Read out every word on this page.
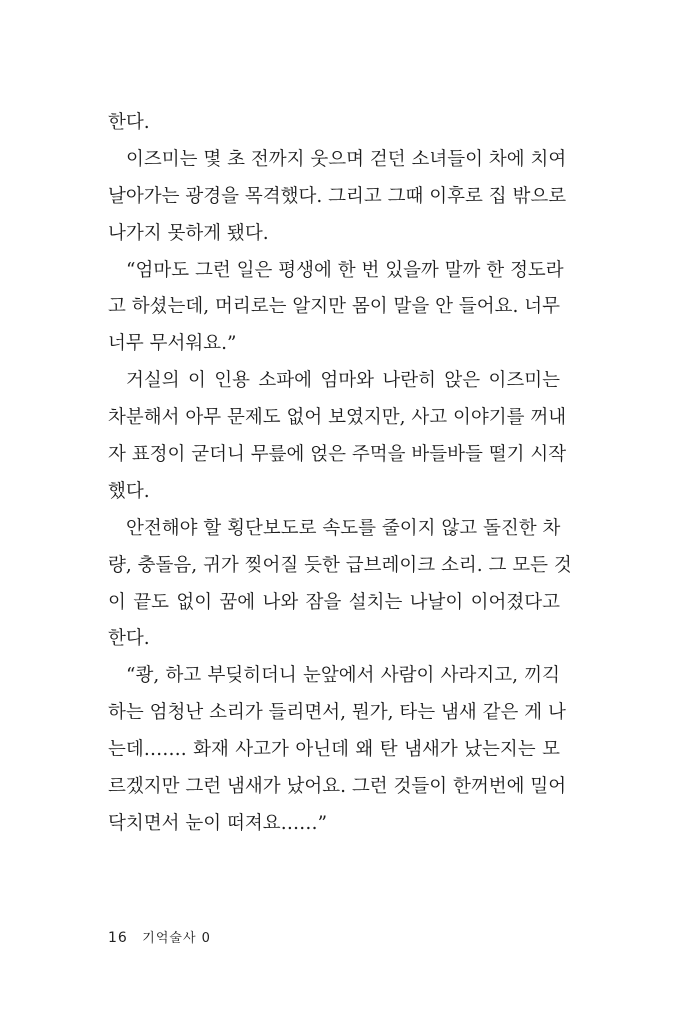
한다.
이즈미는 몇 초 전까지 웃으며 걷던 소녀들이 차에 치여
날아가는 광경을 목격했다. 그리고 그때 이후로 집 밖으로
나가지 못하게 됐다.
“엄마도 그런 일은 평생에 한 번 있을까 말까 한 정도라
고 하셨는데, 머리로는 알지만 몸이 말을 안 들어요. 너무
너무 무서워요.”
거실의 이 인용 소파에 엄마와 나란히 앉은 이즈미는
차분해서 아무 문제도 없어 보였지만, 사고 이야기를 꺼내
자 표정이 굳더니 무릎에 얹은 주먹을 바들바들 떨기 시작
했다.
안전해야 할 횡단보도로 속도를 줄이지 않고 돌진한 차
량, 충돌음, 귀가 찢어질 듯한 급브레이크 소리. 그 모든 것
이 끝도 없이 꿈에 나와 잠을 설치는 나날이 이어졌다고
한다.
“쾅, 하고 부딪히더니 눈앞에서 사람이 사라지고, 끼긱
하는 엄청난 소리가 들리면서, 뭔가, 타는 냄새 같은 게 나
는데……. 화재 사고가 아닌데 왜 탄 냄새가 났는지는 모
르겠지만 그런 냄새가 났어요. 그런 것들이 한꺼번에 밀어
닥치면서 눈이 떠져요……”
16 기억술사 0
